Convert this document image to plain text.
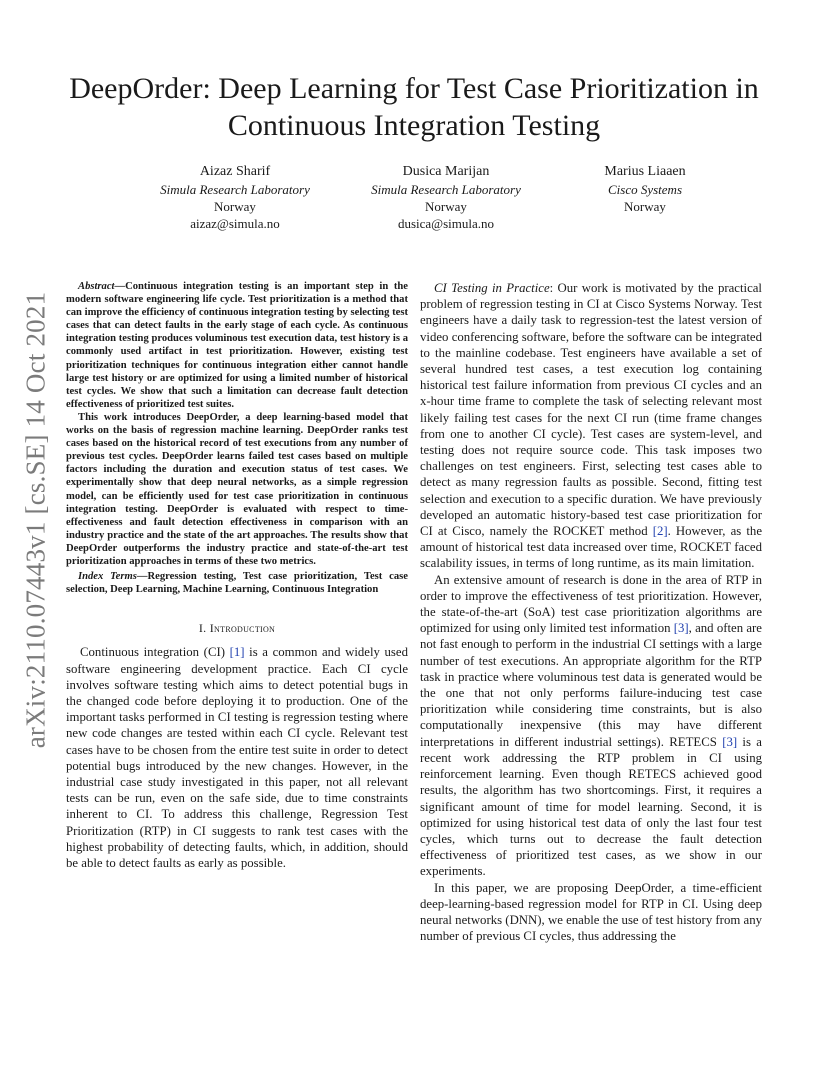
arXiv:2110.07443v1 [cs.SE] 14 Oct 2021
DeepOrder: Deep Learning for Test Case Prioritization in Continuous Integration Testing
Aizaz Sharif
Simula Research Laboratory
Norway
aizaz@simula.no
Dusica Marijan
Simula Research Laboratory
Norway
dusica@simula.no
Marius Liaaen
Cisco Systems
Norway

Abstract—Continuous integration testing is an important step in the modern software engineering life cycle. Test prioritization is a method that can improve the efficiency of continuous integration testing by selecting test cases that can detect faults in the early stage of each cycle. As continuous integration testing produces voluminous test execution data, test history is a commonly used artifact in test prioritization. However, existing test prioritization techniques for continuous integration either cannot handle large test history or are optimized for using a limited number of historical test cycles. We show that such a limitation can decrease fault detection effectiveness of prioritized test suites.

This work introduces DeepOrder, a deep learning-based model that works on the basis of regression machine learning. DeepOrder ranks test cases based on the historical record of test executions from any number of previous test cycles. DeepOrder learns failed test cases based on multiple factors including the duration and execution status of test cases. We experimentally show that deep neural networks, as a simple regression model, can be efficiently used for test case prioritization in continuous integration testing. DeepOrder is evaluated with respect to time-effectiveness and fault detection effectiveness in comparison with an industry practice and the state of the art approaches. The results show that DeepOrder outperforms the industry practice and state-of-the-art test prioritization approaches in terms of these two metrics.

Index Terms—Regression testing, Test case prioritization, Test case selection, Deep Learning, Machine Learning, Continuous Integration

I. Introduction

Continuous integration (CI) [1] is a common and widely used software engineering development practice. Each CI cycle involves software testing which aims to detect potential bugs in the changed code before deploying it to production. One of the important tasks performed in CI testing is regression testing where new code changes are tested within each CI cycle. Relevant test cases have to be chosen from the entire test suite in order to detect potential bugs introduced by the new changes. However, in the industrial case study investigated in this paper, not all relevant tests can be run, even on the safe side, due to time constraints inherent to CI. To address this challenge, Regression Test Prioritization (RTP) in CI suggests to rank test cases with the highest probability of detecting faults, which, in addition, should be able to detect faults as early as possible.

CI Testing in Practice: Our work is motivated by the practical problem of regression testing in CI at Cisco Systems Norway. Test engineers have a daily task to regression-test the latest version of video conferencing software, before the software can be integrated to the mainline codebase. Test engineers have available a set of several hundred test cases, a test execution log containing historical test failure information from previous CI cycles and an x-hour time frame to complete the task of selecting relevant most likely failing test cases for the next CI run (time frame changes from one to another CI cycle). Test cases are system-level, and testing does not require source code. This task imposes two challenges on test engineers. First, selecting test cases able to detect as many regression faults as possible. Second, fitting test selection and execution to a specific duration. We have previously developed an automatic history-based test case prioritization for CI at Cisco, namely the ROCKET method [2]. However, as the amount of historical test data increased over time, ROCKET faced scalability issues, in terms of long runtime, as its main limitation.

An extensive amount of research is done in the area of RTP in order to improve the effectiveness of test prioritization. However, the state-of-the-art (SoA) test case prioritization algorithms are optimized for using only limited test information [3], and often are not fast enough to perform in the industrial CI settings with a large number of test executions. An appropriate algorithm for the RTP task in practice where voluminous test data is generated would be the one that not only performs failure-inducing test case prioritization while considering time constraints, but is also computationally inexpensive (this may have different interpretations in different industrial settings). RETECS [3] is a recent work addressing the RTP problem in CI using reinforcement learning. Even though RETECS achieved good results, the algorithm has two shortcomings. First, it requires a significant amount of time for model learning. Second, it is optimized for using historical test data of only the last four test cycles, which turns out to decrease the fault detection effectiveness of prioritized test cases, as we show in our experiments.

In this paper, we are proposing DeepOrder, a time-efficient deep-learning-based regression model for RTP in CI. Using deep neural networks (DNN), we enable the use of test history from any number of previous CI cycles, thus addressing the
